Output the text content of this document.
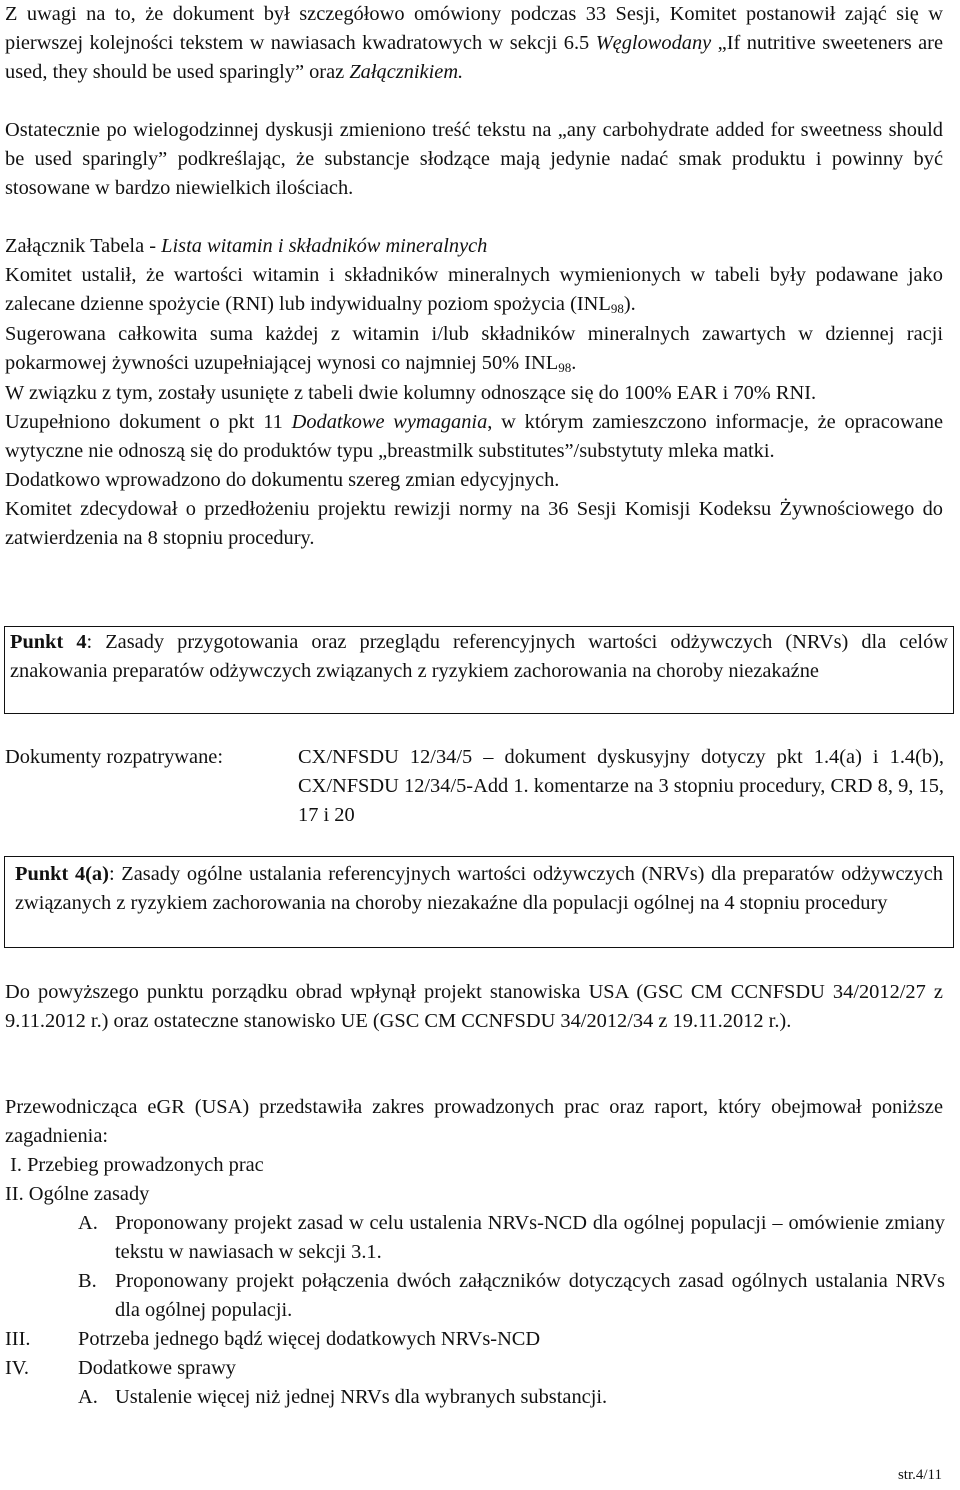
Z uwagi na to, że dokument był szczegółowo omówiony podczas 33 Sesji, Komitet postanowił zająć się w pierwszej kolejności tekstem w nawiasach kwadratowych w sekcji 6.5 Węglowodany „If nutritive sweeteners are used, they should be used sparingly” oraz Załącznikiem.

Ostatecznie po wielogodzinnej dyskusji zmieniono treść tekstu na „any carbohydrate added for sweetness should be used sparingly” podkreślając, że substancje słodzące mają jedynie nadać smak produktu i powinny być stosowane w bardzo niewielkich ilościach.

Załącznik Tabela - Lista witamin i składników mineralnych

Komitet ustalił, że wartości witamin i składników mineralnych wymienionych w tabeli były podawane jako zalecane dzienne spożycie (RNI) lub indywidualny poziom spożycia $(INL_{98})$.

Sugerowana całkowita suma każdej z witamin i/lub składników mineralnych zawartych w dziennej racji pokarmowej żywności uzupełniającej wynosi co najmniej 50% $INL_{98}$.

W związku z tym, zostały usunięte z tabeli dwie kolumny odnoszące się do 100% EAR i 70% RNI.

Uzupełniono dokument o pkt 11 Dodatkowe wymagania, w którym zamieszczono informacje, że opracowane wytyczne nie odnoszą się do produktów typu „breastmilk substitutes”/substytuty mleka matki.

Dodatkowo wprowadzono do dokumentu szereg zmian edycyjnych.

Komitet zdecydował o przedłożeniu projektu rewizji normy na 36 Sesji Komisji Kodeksu Żywnościowego do zatwierdzenia na 8 stopniu procedury.

Punkt 4: Zasady przygotowania oraz przeglądu referencyjnych wartości odżywczych (NRVs) dla celów znakowania preparatów odżywczych związanych z ryzykiem zachorowania na choroby niezakaźne

Dokumenty rozpatrywane:	CX/NFSDU 12/34/5 – dokument dyskusyjny dotyczy pkt 1.4(a) i 1.4(b), CX/NFSDU 12/34/5-Add 1. komentarze na 3 stopniu procedury, CRD 8, 9, 15, 17 i 20

Punkt 4(a): Zasady ogólne ustalania referencyjnych wartości odżywczych (NRVs) dla preparatów odżywczych związanych z ryzykiem zachorowania na choroby niezakaźne dla populacji ogólnej na 4 stopniu procedury

Do powyższego punktu porządku obrad wpłynął projekt stanowiska USA (GSC CM CCNFSDU 34/2012/27 z 9.11.2012 r.) oraz ostateczne stanowisko UE (GSC CM CCNFSDU 34/2012/34 z 19.11.2012 r.).

Przewodnicząca eGR (USA) przedstawiła zakres prowadzonych prac oraz raport, który obejmował poniższe zagadnienia:

I. Przebieg prowadzonych prac
II. Ogólne zasady
A. Proponowany projekt zasad w celu ustalenia NRVs-NCD dla ogólnej populacji – omówienie zmiany tekstu w nawiasach w sekcji 3.1.

B. Proponowany projekt połączenia dwóch załączników dotyczących zasad ogólnych ustalania NRVs dla ogólnej populacji.

III. Potrzeba jednego bądź więcej dodatkowych NRVs-NCD
IV. Dodatkowe sprawy
A. Ustalenie więcej niż jednej NRVs dla wybranych substancji.
str.4/11
